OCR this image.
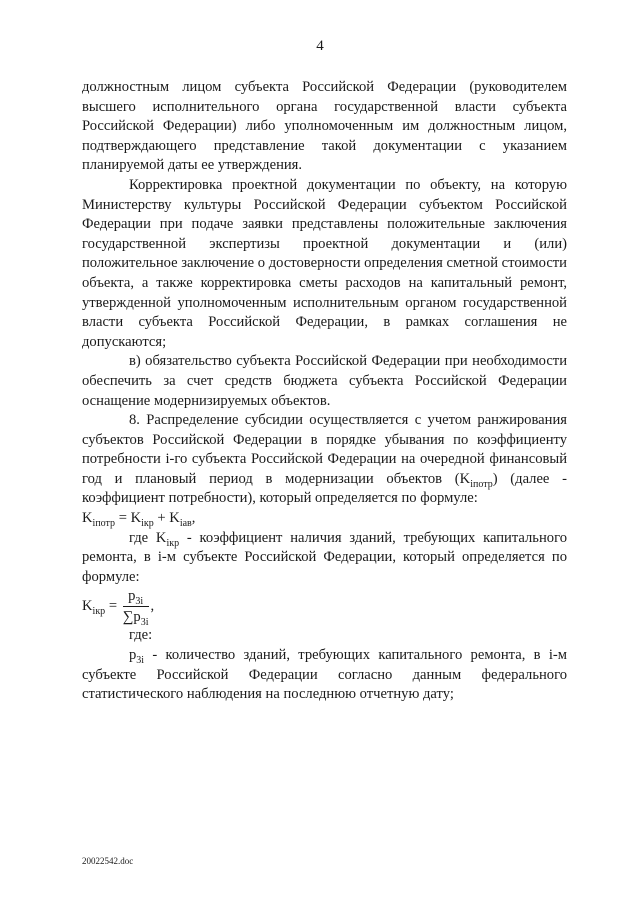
4

должностным лицом субъекта Российской Федерации (руководителем высшего исполнительного органа государственной власти субъекта Российской Федерации) либо уполномоченным им должностным лицом, подтверждающего представление такой документации с указанием планируемой даты ее утверждения.

Корректировка проектной документации по объекту, на которую Министерству культуры Российской Федерации субъектом Российской Федерации при подаче заявки представлены положительные заключения государственной экспертизы проектной документации и (или) положительное заключение о достоверности определения сметной стоимости объекта, а также корректировка сметы расходов на капитальный ремонт, утвержденной уполномоченным исполнительным органом государственной власти субъекта Российской Федерации, в рамках соглашения не допускаются;

в) обязательство субъекта Российской Федерации при необходимости обеспечить за счет средств бюджета субъекта Российской Федерации оснащение модернизируемых объектов.

8. Распределение субсидии осуществляется с учетом ранжирования субъектов Российской Федерации в порядке убывания по коэффициенту потребности i-го субъекта Российской Федерации на очередной финансовый год и плановый период в модернизации объектов $(K_{iпотр})$ (далее - коэффициент потребности), который определяется по формуле:

$K_{iпотр} = K_{iкр} + K_{iав}$,

где $K_{iкр}$ - коэффициент наличия зданий, требующих капитального ремонта, в i-м субъекте Российской Федерации, который определяется по формуле:

$K_{iкр} = \frac{p_{3i}}{\sum p_{3i}}$ ,

где:

$p_{3i}$ - количество зданий, требующих капитального ремонта, в i-м субъекте Российской Федерации согласно данным федерального статистического наблюдения на последнюю отчетную дату;

20022542.doc
